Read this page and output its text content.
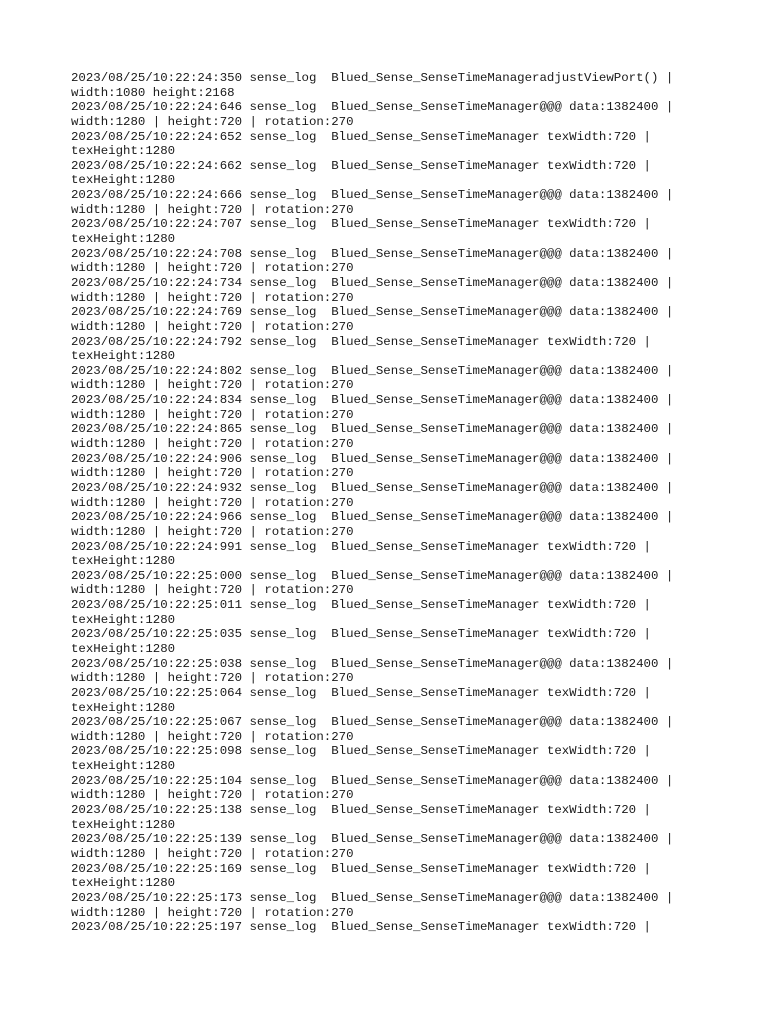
2023/08/25/10:22:24:350 sense_log  Blued_Sense_SenseTimeManageradjustViewPort() |
width:1080 height:2168
2023/08/25/10:22:24:646 sense_log  Blued_Sense_SenseTimeManager@@@ data:1382400 |
width:1280 | height:720 | rotation:270
2023/08/25/10:22:24:652 sense_log  Blued_Sense_SenseTimeManager texWidth:720 |
texHeight:1280
2023/08/25/10:22:24:662 sense_log  Blued_Sense_SenseTimeManager texWidth:720 |
texHeight:1280
2023/08/25/10:22:24:666 sense_log  Blued_Sense_SenseTimeManager@@@ data:1382400 |
width:1280 | height:720 | rotation:270
2023/08/25/10:22:24:707 sense_log  Blued_Sense_SenseTimeManager texWidth:720 |
texHeight:1280
2023/08/25/10:22:24:708 sense_log  Blued_Sense_SenseTimeManager@@@ data:1382400 |
width:1280 | height:720 | rotation:270
2023/08/25/10:22:24:734 sense_log  Blued_Sense_SenseTimeManager@@@ data:1382400 |
width:1280 | height:720 | rotation:270
2023/08/25/10:22:24:769 sense_log  Blued_Sense_SenseTimeManager@@@ data:1382400 |
width:1280 | height:720 | rotation:270
2023/08/25/10:22:24:792 sense_log  Blued_Sense_SenseTimeManager texWidth:720 |
texHeight:1280
2023/08/25/10:22:24:802 sense_log  Blued_Sense_SenseTimeManager@@@ data:1382400 |
width:1280 | height:720 | rotation:270
2023/08/25/10:22:24:834 sense_log  Blued_Sense_SenseTimeManager@@@ data:1382400 |
width:1280 | height:720 | rotation:270
2023/08/25/10:22:24:865 sense_log  Blued_Sense_SenseTimeManager@@@ data:1382400 |
width:1280 | height:720 | rotation:270
2023/08/25/10:22:24:906 sense_log  Blued_Sense_SenseTimeManager@@@ data:1382400 |
width:1280 | height:720 | rotation:270
2023/08/25/10:22:24:932 sense_log  Blued_Sense_SenseTimeManager@@@ data:1382400 |
width:1280 | height:720 | rotation:270
2023/08/25/10:22:24:966 sense_log  Blued_Sense_SenseTimeManager@@@ data:1382400 |
width:1280 | height:720 | rotation:270
2023/08/25/10:22:24:991 sense_log  Blued_Sense_SenseTimeManager texWidth:720 |
texHeight:1280
2023/08/25/10:22:25:000 sense_log  Blued_Sense_SenseTimeManager@@@ data:1382400 |
width:1280 | height:720 | rotation:270
2023/08/25/10:22:25:011 sense_log  Blued_Sense_SenseTimeManager texWidth:720 |
texHeight:1280
2023/08/25/10:22:25:035 sense_log  Blued_Sense_SenseTimeManager texWidth:720 |
texHeight:1280
2023/08/25/10:22:25:038 sense_log  Blued_Sense_SenseTimeManager@@@ data:1382400 |
width:1280 | height:720 | rotation:270
2023/08/25/10:22:25:064 sense_log  Blued_Sense_SenseTimeManager texWidth:720 |
texHeight:1280
2023/08/25/10:22:25:067 sense_log  Blued_Sense_SenseTimeManager@@@ data:1382400 |
width:1280 | height:720 | rotation:270
2023/08/25/10:22:25:098 sense_log  Blued_Sense_SenseTimeManager texWidth:720 |
texHeight:1280
2023/08/25/10:22:25:104 sense_log  Blued_Sense_SenseTimeManager@@@ data:1382400 |
width:1280 | height:720 | rotation:270
2023/08/25/10:22:25:138 sense_log  Blued_Sense_SenseTimeManager texWidth:720 |
texHeight:1280
2023/08/25/10:22:25:139 sense_log  Blued_Sense_SenseTimeManager@@@ data:1382400 |
width:1280 | height:720 | rotation:270
2023/08/25/10:22:25:169 sense_log  Blued_Sense_SenseTimeManager texWidth:720 |
texHeight:1280
2023/08/25/10:22:25:173 sense_log  Blued_Sense_SenseTimeManager@@@ data:1382400 |
width:1280 | height:720 | rotation:270
2023/08/25/10:22:25:197 sense_log  Blued_Sense_SenseTimeManager texWidth:720 |
